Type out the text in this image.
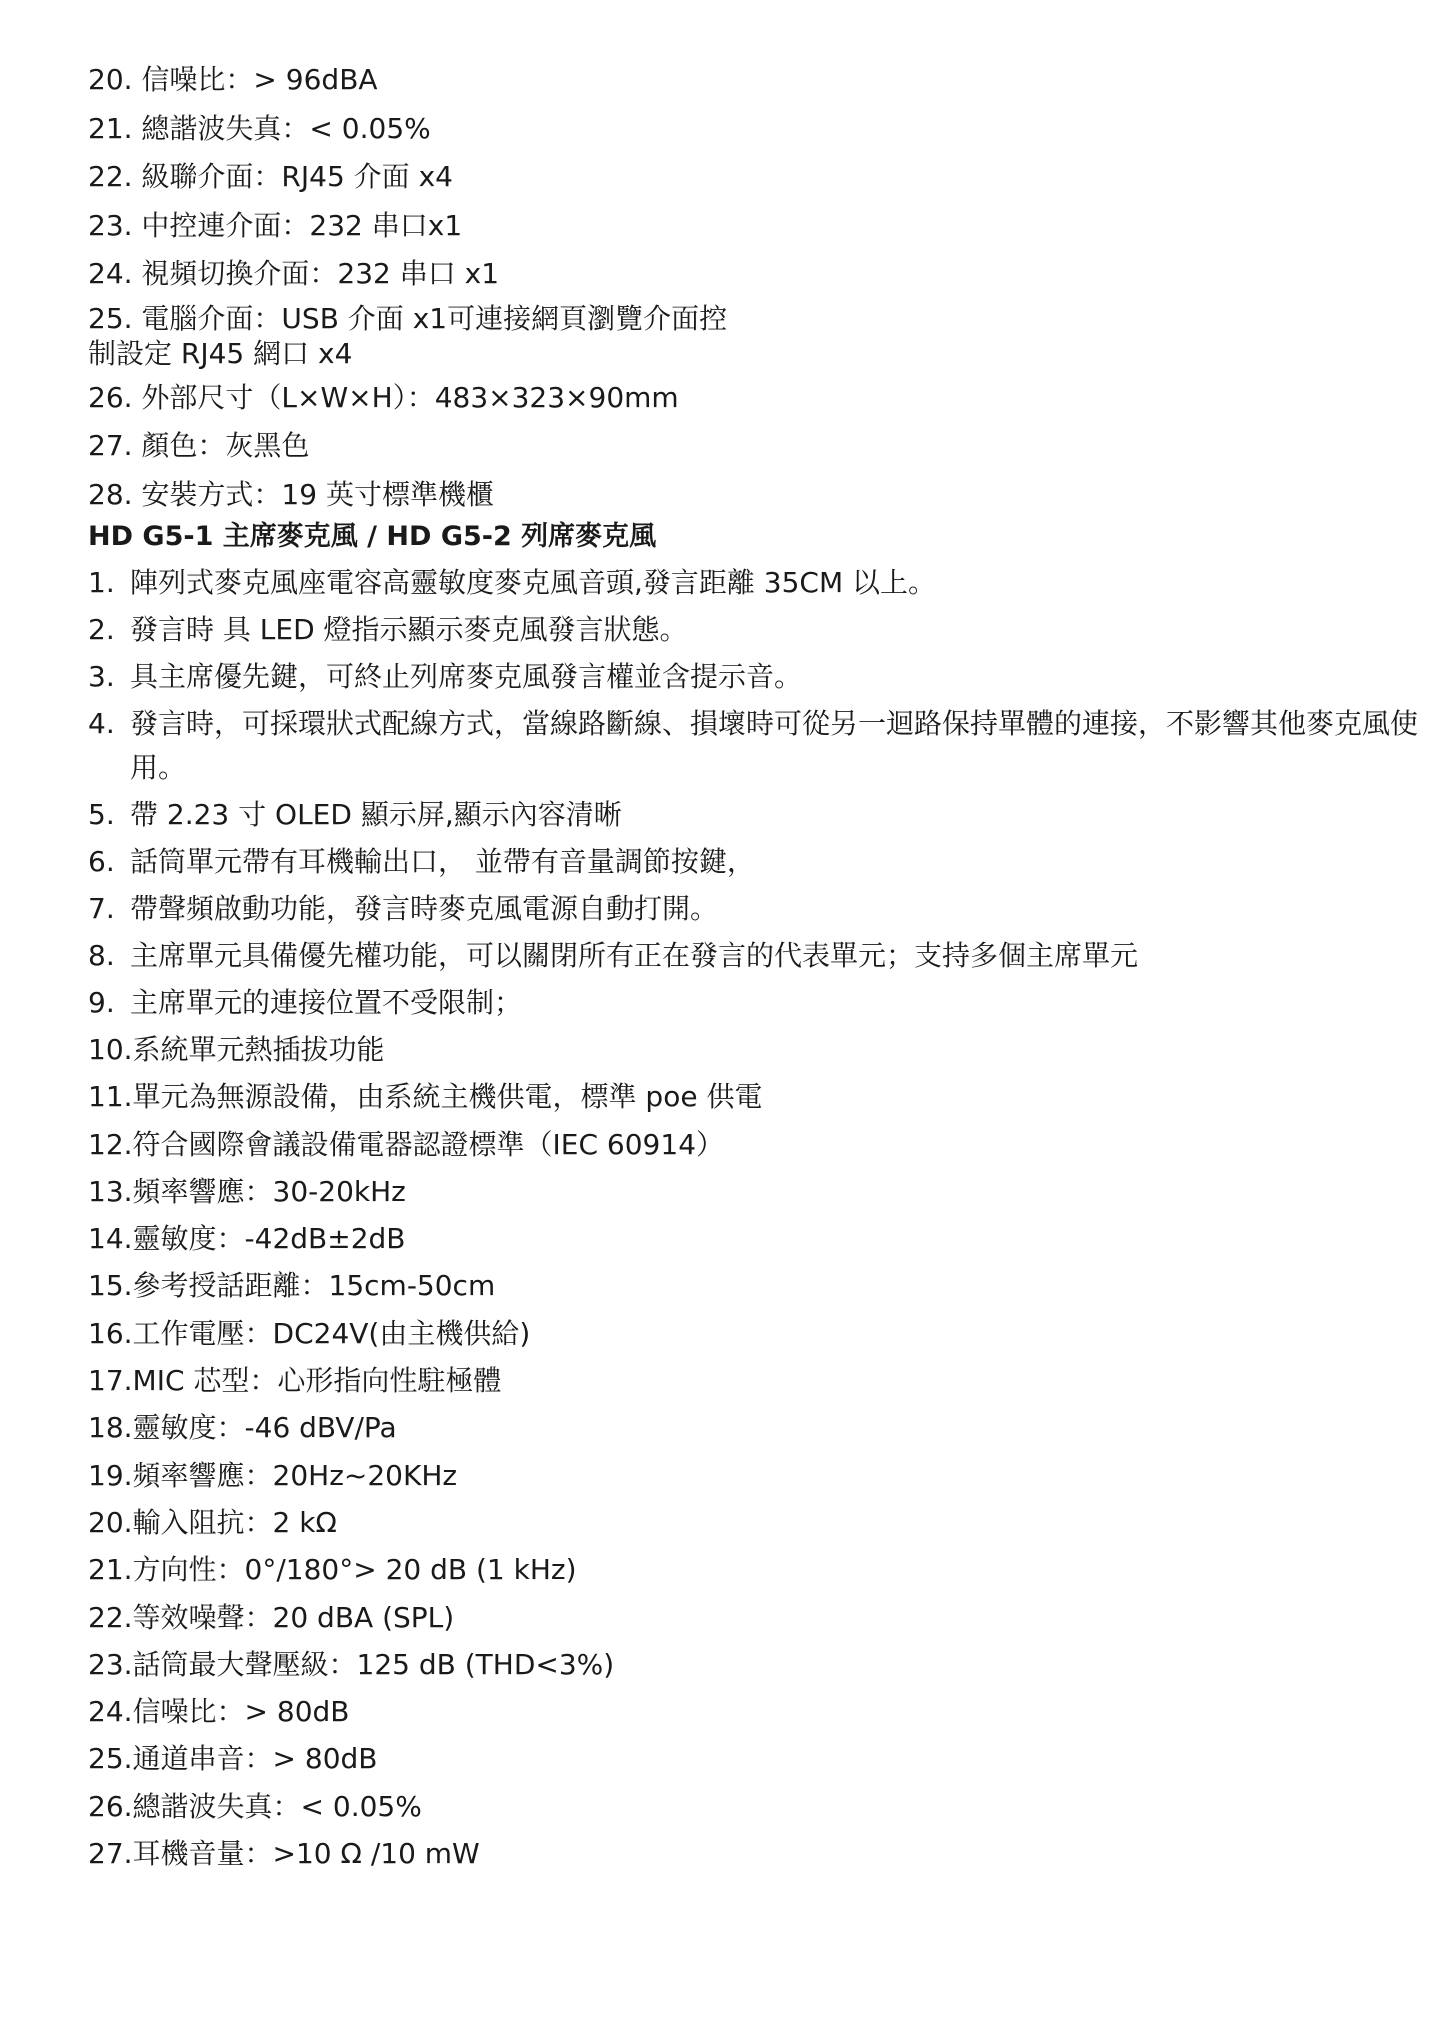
20. 信噪比：> 96dBA
21. 總諧波失真：< 0.05%
22. 級聯介面：RJ45 介面 x4
23. 中控連介面：232 串口x1
24. 視頻切換介面：232 串口 x1
25. 電腦介面：USB 介面 x1可連接網頁瀏覽介面控制設定 RJ45 網口 x4
26. 外部尺寸（L×W×H）：483×323×90mm
27. 顏色：灰黑色
28. 安裝方式：19 英寸標準機櫃
HD G5-1 主席麥克風 / HD G5-2 列席麥克風
1. 陣列式麥克風座電容高靈敏度麥克風音頭,發言距離 35CM 以上。
2. 發言時 具 LED 燈指示顯示麥克風發言狀態。
3. 具主席優先鍵，可終止列席麥克風發言權並含提示音。
4. 發言時，可採環狀式配線方式，當線路斷線、損壞時可從另一迴路保持單體的連接，不影響其他麥克風使用。
5. 帶 2.23 寸 OLED 顯示屏,顯示內容清晰
6. 話筒單元帶有耳機輸出口， 並帶有音量調節按鍵，
7. 帶聲頻啟動功能，發言時麥克風電源自動打開。
8. 主席單元具備優先權功能，可以關閉所有正在發言的代表單元；支持多個主席單元
9. 主席單元的連接位置不受限制；
10.系統單元熱插拔功能
11.單元為無源設備，由系統主機供電，標準 poe 供電
12.符合國際會議設備電器認證標準（IEC 60914）
13.頻率響應：30-20kHz
14.靈敏度：-42dB±2dB
15.參考授話距離：15cm-50cm
16.工作電壓：DC24V(由主機供給)
17.MIC 芯型：心形指向性駐極體
18.靈敏度：-46 dBV/Pa
19.頻率響應：20Hz~20KHz
20.輸入阻抗：2 kΩ
21.方向性：0°/180°> 20 dB (1 kHz)
22.等效噪聲：20 dBA (SPL)
23.話筒最大聲壓級：125 dB (THD<3%)
24.信噪比：> 80dB
25.通道串音：> 80dB
26.總諧波失真：< 0.05%
27.耳機音量：>10 Ω /10 mW
